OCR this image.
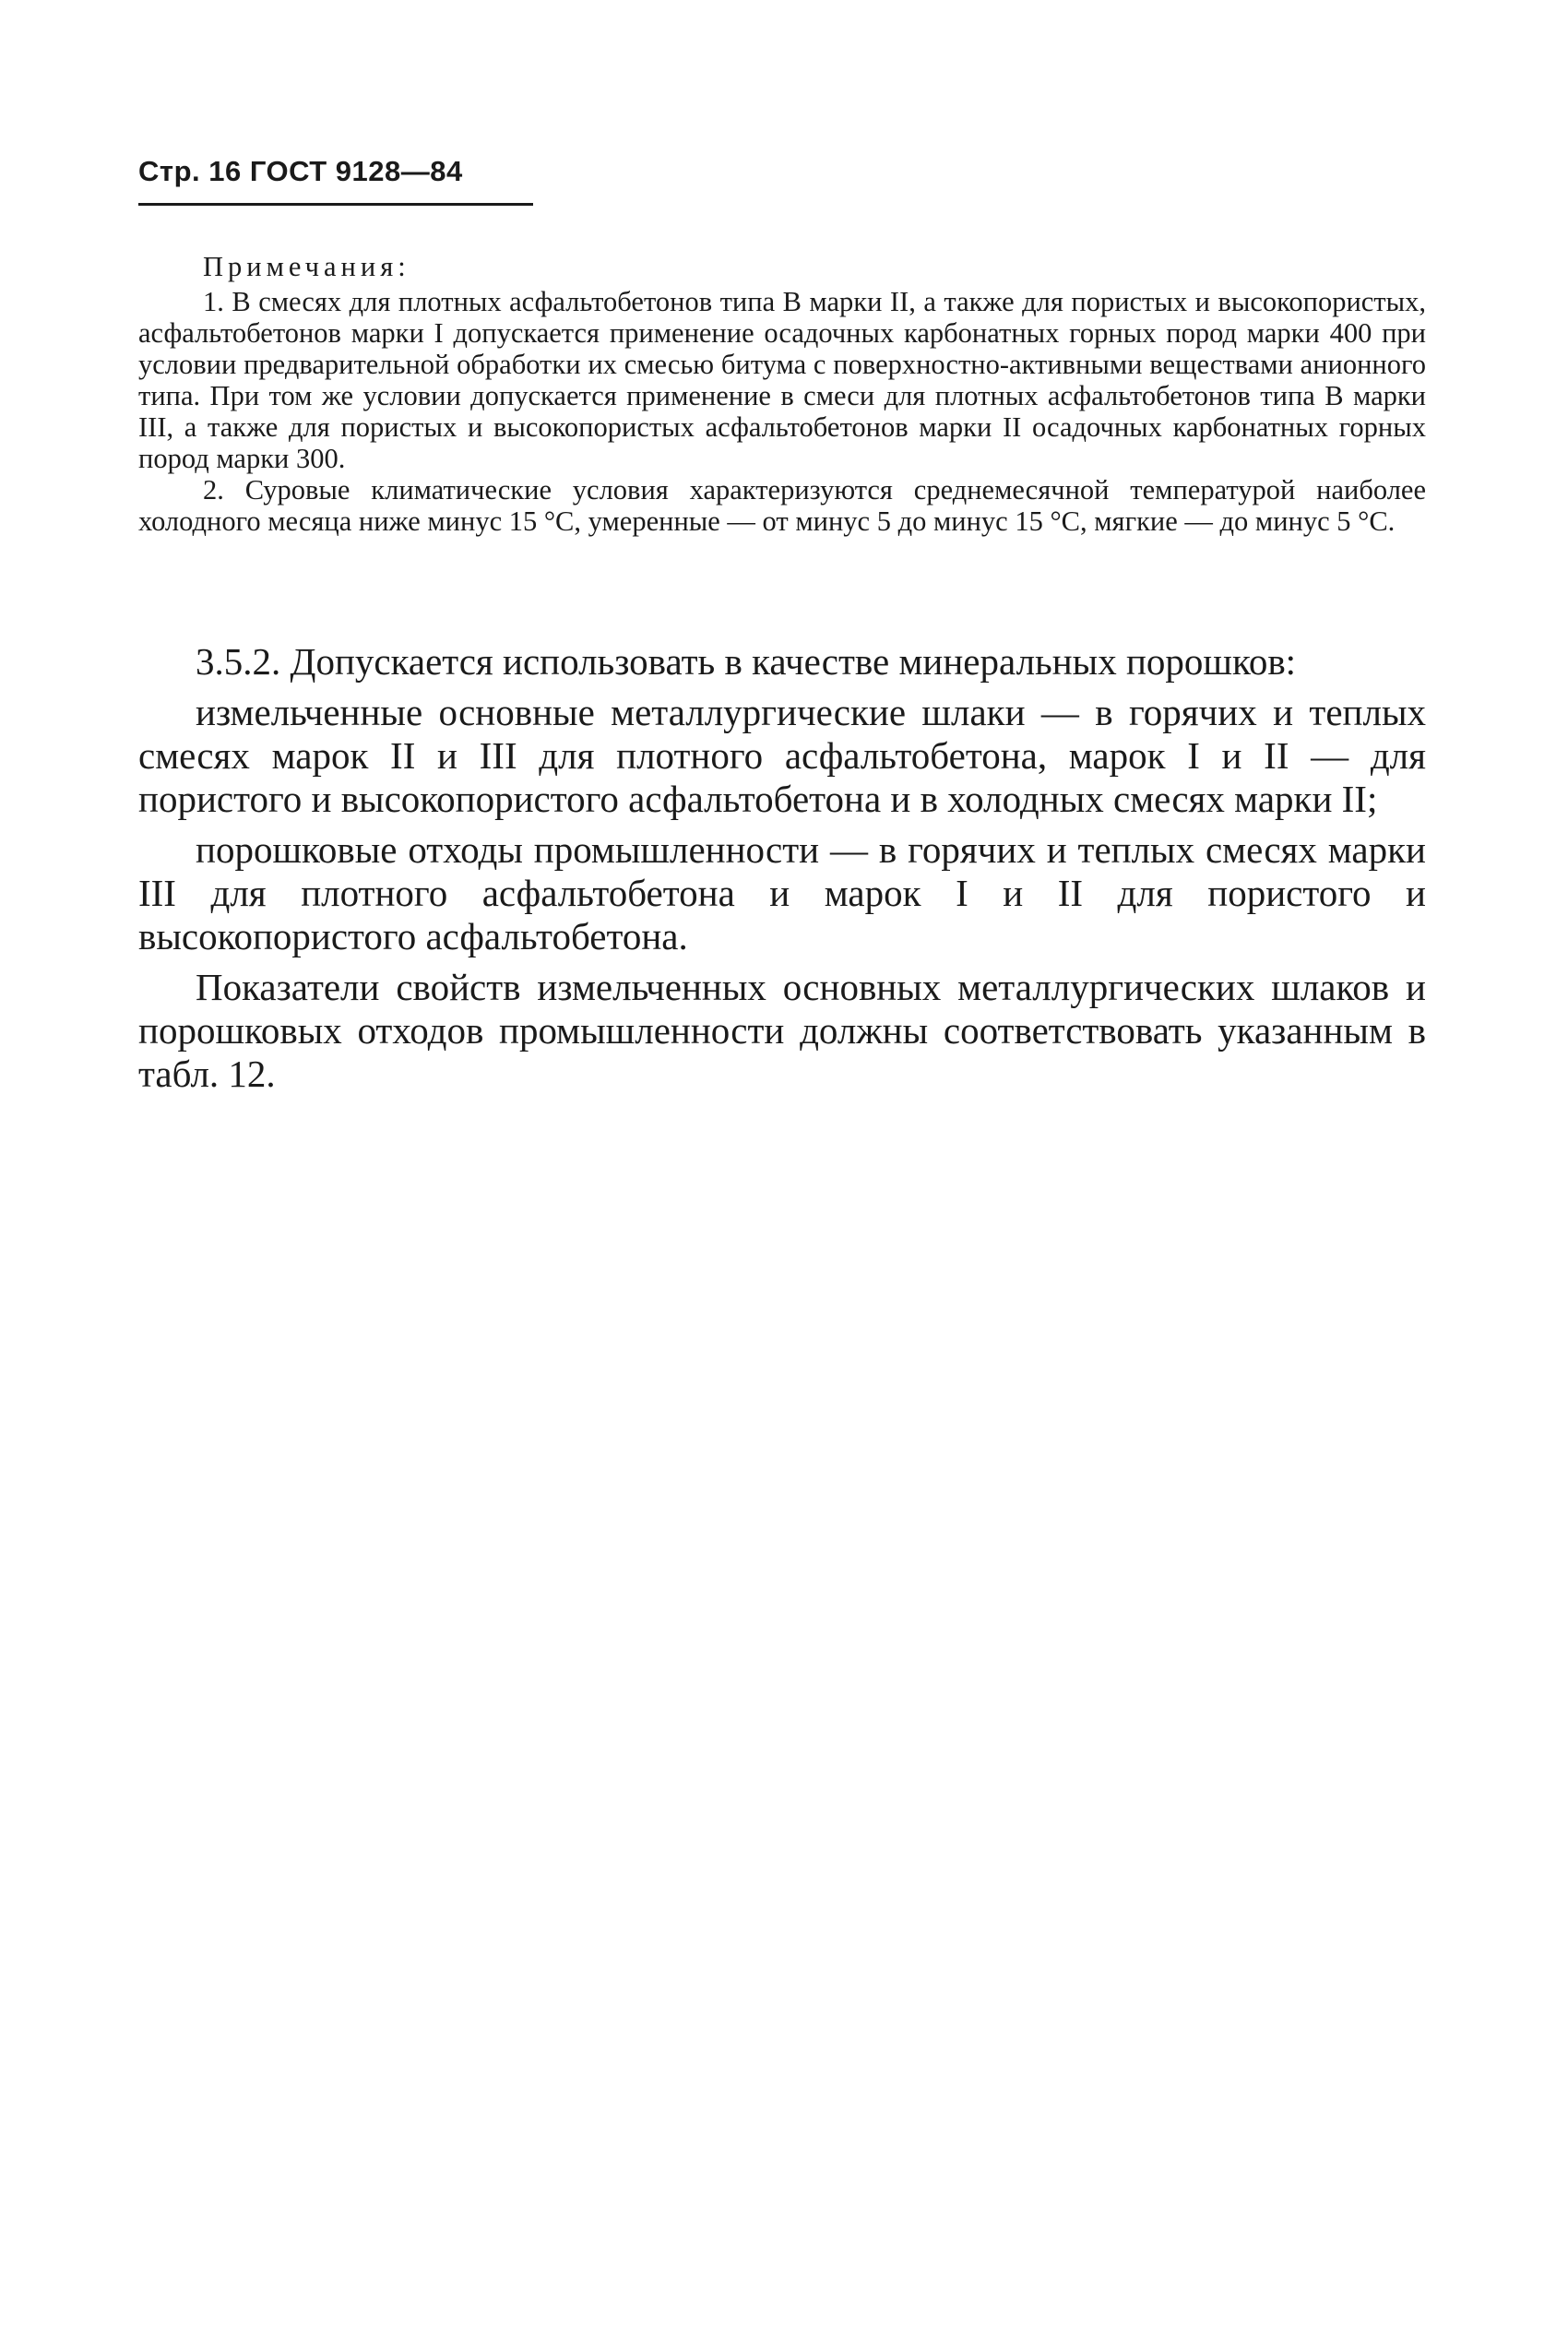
Стр. 16 ГОСТ 9128—84
Примечания:

1. В смесях для плотных асфальтобетонов типа В марки II, а также для пористых и высокопористых, асфальтобетонов марки I допускается применение осадочных карбонатных горных пород марки 400 при условии предварительной обработки их смесью битума с поверхностно-активными веществами анионного типа. При том же условии допускается применение в смеси для плотных асфальтобетонов типа В марки III, а также для пористых и высокопористых асфальтобетонов марки II осадочных карбонатных горных пород марки 300.

2. Суровые климатические условия характеризуются среднемесячной температурой наиболее холодного месяца ниже минус 15 °С, умеренные — от минус 5 до минус 15 °С, мягкие — до минус 5 °С.

3.5.2. Допускается использовать в качестве минеральных порошков:

измельченные основные металлургические шлаки — в горячих и теплых смесях марок II и III для плотного асфальтобетона, марок I и II — для пористого и высокопористого асфальтобетона и в холодных смесях марки II;

порошковые отходы промышленности — в горячих и теплых смесях марки III для плотного асфальтобетона и марок I и II для пористого и высокопористого асфальтобетона.

Показатели свойств измельченных основных металлургических шлаков и порошковых отходов промышленности должны соответствовать указанным в табл. 12.
